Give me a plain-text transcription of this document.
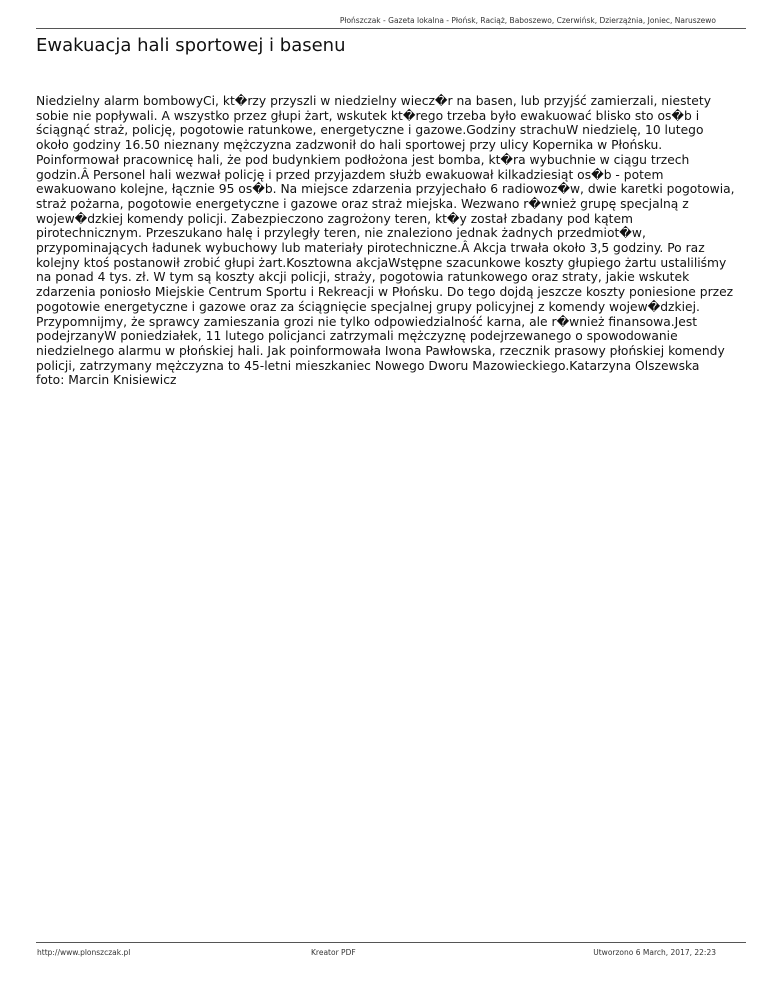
Płońszczak - Gazeta lokalna - Płońsk, Raciąż, Baboszewo, Czerwińsk, Dzierzążnia, Joniec, Naruszewo
Ewakuacja hali sportowej i basenu

Niedzielny alarm bombowyCi, kt�rzy przyszli w niedzielny wiecz�r na basen, lub przyjść zamierzali, niestety sobie nie popływali. A wszystko przez głupi żart, wskutek kt�rego trzeba było ewakuować blisko sto os�b i ściągnąć straż, policję, pogotowie ratunkowe, energetyczne i gazowe.Godziny strachuW niedzielę, 10 lutego około godziny 16.50 nieznany mężczyzna zadzwonił do hali sportowej przy ulicy Kopernika w Płońsku. Poinformował pracownicę hali, że pod budynkiem podłożona jest bomba, kt�ra wybuchnie w ciągu trzech godzin.Â Personel hali wezwał policję i przed przyjazdem służb ewakuował kilkadziesiąt os�b - potem ewakuowano kolejne, łącznie 95 os�b. Na miejsce zdarzenia przyjechało 6 radiowoz�w, dwie karetki pogotowia, straż pożarna, pogotowie energetyczne i gazowe oraz straż miejska. Wezwano r�wnież grupę specjalną z wojew�dzkiej komendy policji. Zabezpieczono zagrożony teren, kt�y został zbadany pod kątem pirotechnicznym. Przeszukano halę i przyległy teren, nie znaleziono jednak żadnych przedmiot�w, przypominających ładunek wybuchowy lub materiały pirotechniczne.Â Akcja trwała około 3,5 godziny. Po raz kolejny ktoś postanowił zrobić głupi żart.Kosztowna akcjaWstępne szacunkowe koszty głupiego żartu ustaliliśmy na ponad 4 tys. zł. W tym są koszty akcji policji, straży, pogotowia ratunkowego oraz straty, jakie wskutek zdarzenia poniosło Miejskie Centrum Sportu i Rekreacji w Płońsku. Do tego dojdą jeszcze koszty poniesione przez pogotowie energetyczne i gazowe oraz za ściągnięcie specjalnej grupy policyjnej z komendy wojew�dzkiej. Przypomnijmy, że sprawcy zamieszania grozi nie tylko odpowiedzialność karna, ale r�wnież finansowa.Jest podejrzanyW poniedziałek, 11 lutego policjanci zatrzymali mężczyznę podejrzewanego o spowodowanie niedzielnego alarmu w płońskiej hali. Jak poinformowała Iwona Pawłowska, rzecznik prasowy płońskiej komendy policji, zatrzymany mężczyzna to 45-letni mieszkaniec Nowego Dworu Mazowieckiego.Katarzyna Olszewska

foto: Marcin Knisiewicz
http://www.plonszczak.pl	Kreator PDF	Utworzono 6 March, 2017, 22:23
